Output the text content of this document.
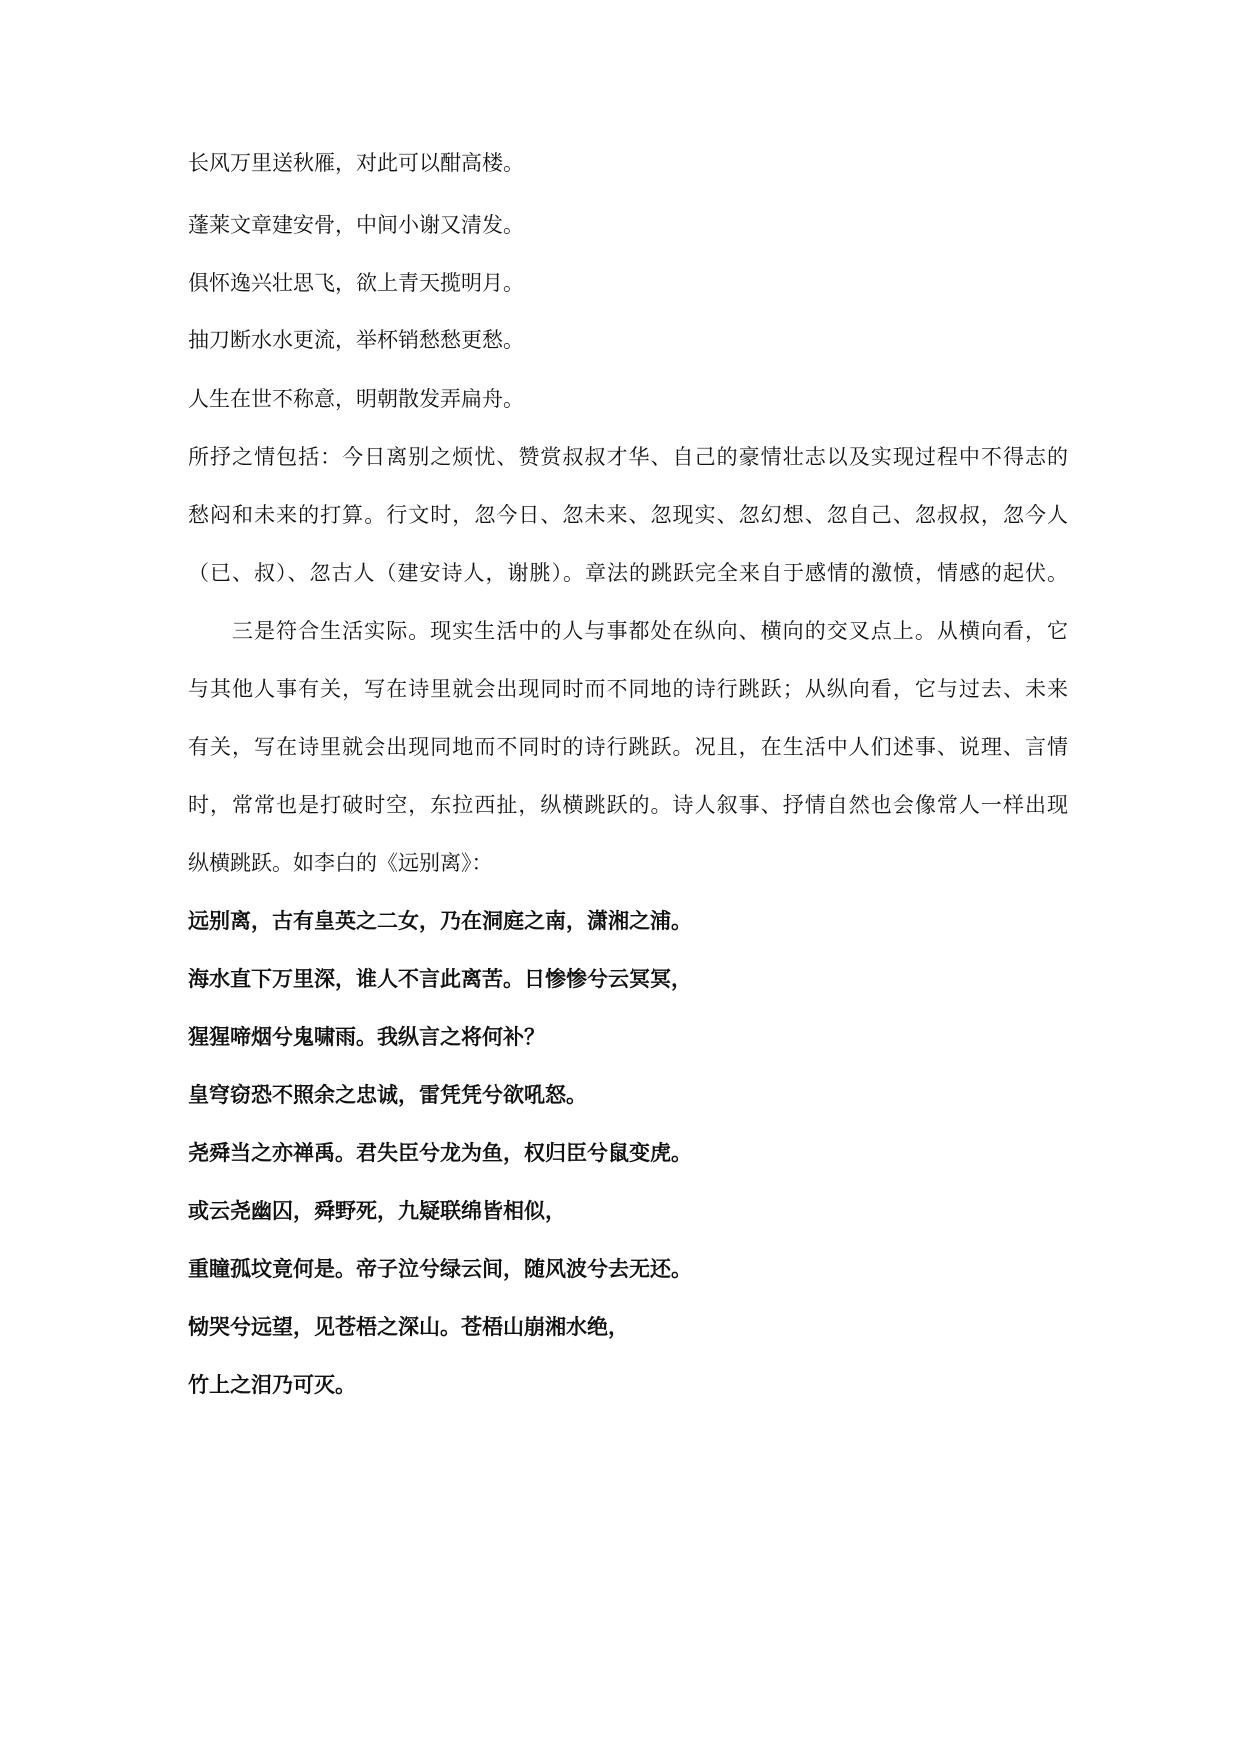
长风万里送秋雁，对此可以酣高楼。
蓬莱文章建安骨，中间小谢又清发。
俱怀逸兴壮思飞，欲上青天揽明月。
抽刀断水水更流，举杯销愁愁更愁。
人生在世不称意，明朝散发弄扁舟。
所抒之情包括：今日离别之烦忧、赞赏叔叔才华、自己的豪情壮志以及实现过程中不得志的
愁闷和未来的打算。行文时，忽今日、忽未来、忽现实、忽幻想、忽自己、忽叔叔，忽今人
（已、叔）、忽古人（建安诗人，谢朓）。章法的跳跃完全来自于感情的激愤，情感的起伏。
三是符合生活实际。现实生活中的人与事都处在纵向、横向的交叉点上。从横向看，它
与其他人事有关，写在诗里就会出现同时而不同地的诗行跳跃；从纵向看，它与过去、未来
有关，写在诗里就会出现同地而不同时的诗行跳跃。况且，在生活中人们述事、说理、言情
时，常常也是打破时空，东拉西扯，纵横跳跃的。诗人叙事、抒情自然也会像常人一样出现
纵横跳跃。如李白的《远别离》：
远别离，古有皇英之二女，乃在洞庭之南，潇湘之浦。
海水直下万里深，谁人不言此离苦。日惨惨兮云冥冥，
猩猩啼烟兮鬼啸雨。我纵言之将何补？
皇穹窃恐不照余之忠诚，雷凭凭兮欲吼怒。
尧舜当之亦禅禹。君失臣兮龙为鱼，权归臣兮鼠变虎。
或云尧幽囚，舜野死，九疑联绵皆相似，
重瞳孤坟竟何是。帝子泣兮绿云间，随风波兮去无还。
恸哭兮远望，见苍梧之深山。苍梧山崩湘水绝，
竹上之泪乃可灭。
